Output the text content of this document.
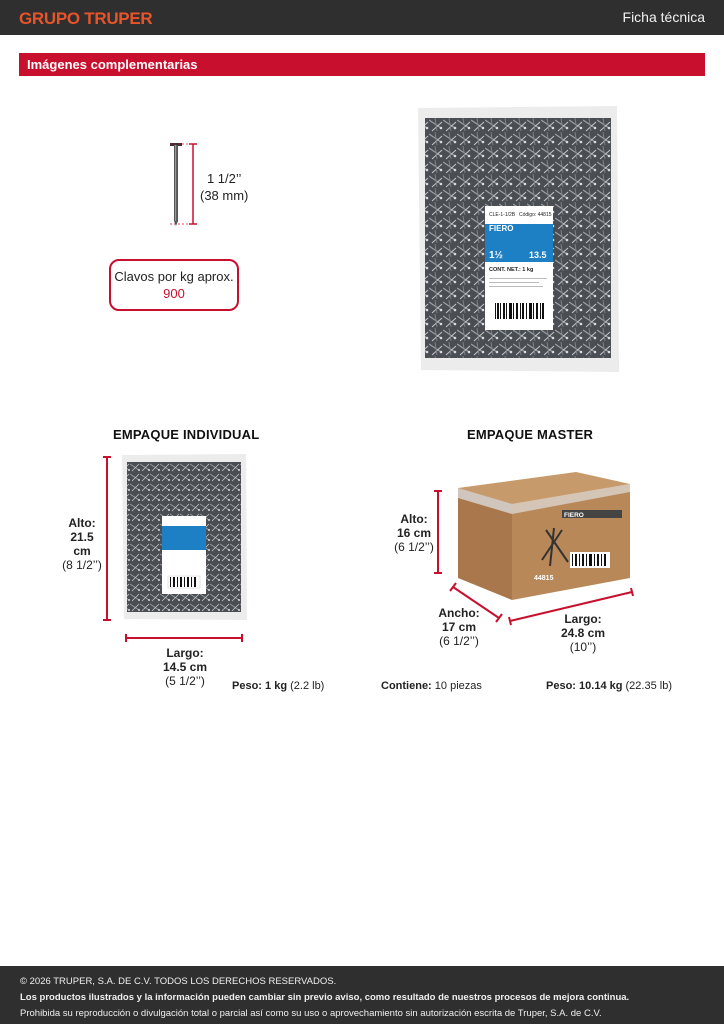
GRUPO TRUPER	Ficha técnica
Imágenes complementarias
1 1/2’’
(38 mm)
Clavos por kg aprox.
900
CLE-1-1/2B Código: 44815
FIERO
1½	13.5
CONT. NET.: 1 kg
EMPAQUE INDIVIDUAL
Alto:
21.5 cm
(8 1/2’’)
Largo:
14.5 cm
(5 1/2’’)	Peso: 1 kg (2.2 lb)
EMPAQUE MASTER
FIERO
44815
Alto:
16 cm
(6 1/2’’)
Ancho:
17 cm
(6 1/2’’)
Largo:
24.8 cm
(10’’)
Contiene: 10 piezas	Peso: 10.14 kg (22.35 lb)
© 2026 TRUPER, S.A. DE C.V. TODOS LOS DERECHOS RESERVADOS.
Los productos ilustrados y la información pueden cambiar sin previo aviso, como resultado de nuestros procesos de mejora continua.
Prohibida su reproducción o divulgación total o parcial así como su uso o aprovechamiento sin autorización escrita de Truper, S.A. de C.V.
